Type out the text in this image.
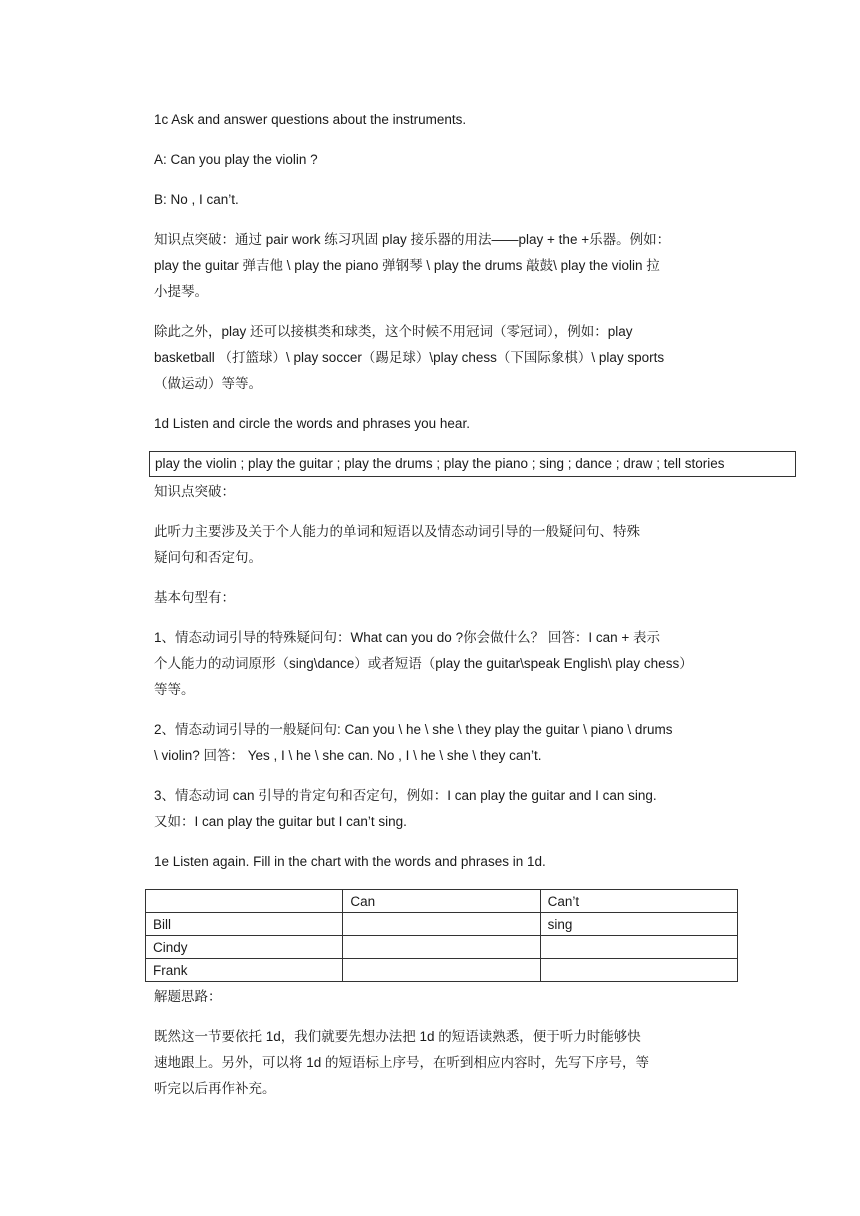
1c Ask and answer questions about the instruments.

A: Can you play the violin ?

B: No , I can’t.

知识点突破：通过 pair work 练习巩固 play 接乐器的用法——play + the +乐器。例如：
play the guitar 弹吉他 \ play the piano 弹钢琴 \ play the drums 敲鼓\ play the violin 拉
小提琴。

除此之外，play 还可以接棋类和球类，这个时候不用冠词（零冠词），例如：play
basketball （打篮球）\ play soccer（踢足球）\play chess（下国际象棋）\ play sports
（做运动）等等。

1d Listen and circle the words and phrases you hear.

play the violin ; play the guitar ; play the drums ; play the piano ; sing ; dance ; draw ; tell stories

知识点突破：

此听力主要涉及关于个人能力的单词和短语以及情态动词引导的一般疑问句、特殊
疑问句和否定句。

基本句型有：

1、情态动词引导的特殊疑问句：What can you do ?你会做什么？ 回答：I can + 表示
个人能力的动词原形（sing\dance）或者短语（play the guitar\speak English\ play chess）
等等。

2、情态动词引导的一般疑问句: Can you \ he \ she \ they play the guitar \ piano \ drums
\ violin? 回答： Yes , I \ he \ she can. No , I \ he \ she \ they can’t.

3、情态动词 can 引导的肯定句和否定句，例如：I can play the guitar and I can sing.
又如：I can play the guitar but I can’t sing.

1e Listen again. Fill in the chart with the words and phrases in 1d.

	Can	Can’t
Bill		sing
Cindy		
Frank		

解题思路：

既然这一节要依托 1d，我们就要先想办法把 1d 的短语读熟悉，便于听力时能够快
速地跟上。另外，可以将 1d 的短语标上序号，在听到相应内容时，先写下序号，等
听完以后再作补充。
